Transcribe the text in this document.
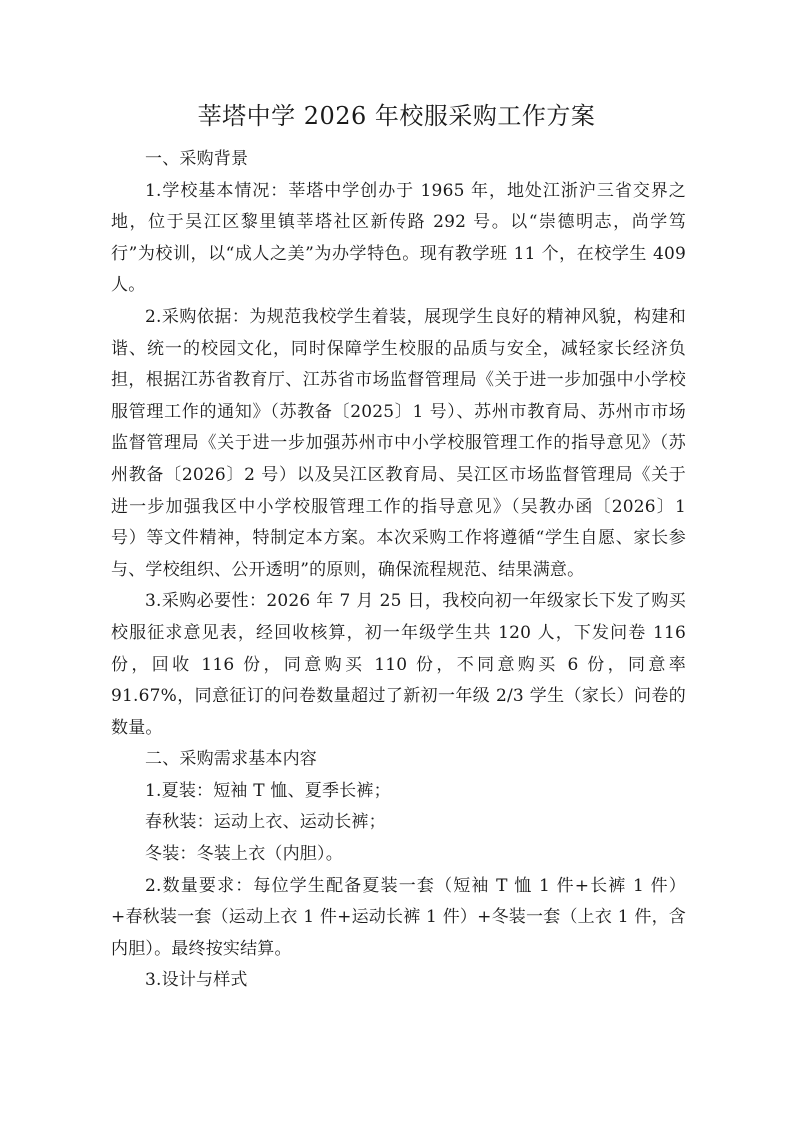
莘塔中学 2026 年校服采购工作方案

一、采购背景

1.学校基本情况：莘塔中学创办于 1965 年，地处江浙沪三省交界之地，位于吴江区黎里镇莘塔社区新传路 292 号。以“崇德明志，尚学笃行”为校训，以“成人之美”为办学特色。现有教学班 11 个，在校学生 409 人。

2.采购依据：为规范我校学生着装，展现学生良好的精神风貌，构建和谐、统一的校园文化，同时保障学生校服的品质与安全，减轻家长经济负担，根据江苏省教育厅、江苏省市场监督管理局《关于进一步加强中小学校服管理工作的通知》（苏教备〔2025〕1 号）、苏州市教育局、苏州市市场监督管理局《关于进一步加强苏州市中小学校服管理工作的指导意见》（苏州教备〔2026〕2 号）以及吴江区教育局、吴江区市场监督管理局《关于进一步加强我区中小学校服管理工作的指导意见》（吴教办函〔2026〕1 号）等文件精神，特制定本方案。本次采购工作将遵循“学生自愿、家长参与、学校组织、公开透明”的原则，确保流程规范、结果满意。

3.采购必要性：2026 年 7 月 25 日，我校向初一年级家长下发了购买校服征求意见表，经回收核算，初一年级学生共 120 人，下发问卷 116 份，回收 116 份，同意购买 110 份，不同意购买 6 份，同意率 91.67%，同意征订的问卷数量超过了新初一年级 2/3 学生（家长）问卷的数量。

二、采购需求基本内容

1.夏装：短袖 T 恤、夏季长裤；

春秋装：运动上衣、运动长裤；

冬装：冬装上衣（内胆）。

2.数量要求：每位学生配备夏装一套（短袖 T 恤 1 件+长裤 1 件）+春秋装一套（运动上衣 1 件+运动长裤 1 件）+冬装一套（上衣 1 件，含内胆）。最终按实结算。

3.设计与样式
